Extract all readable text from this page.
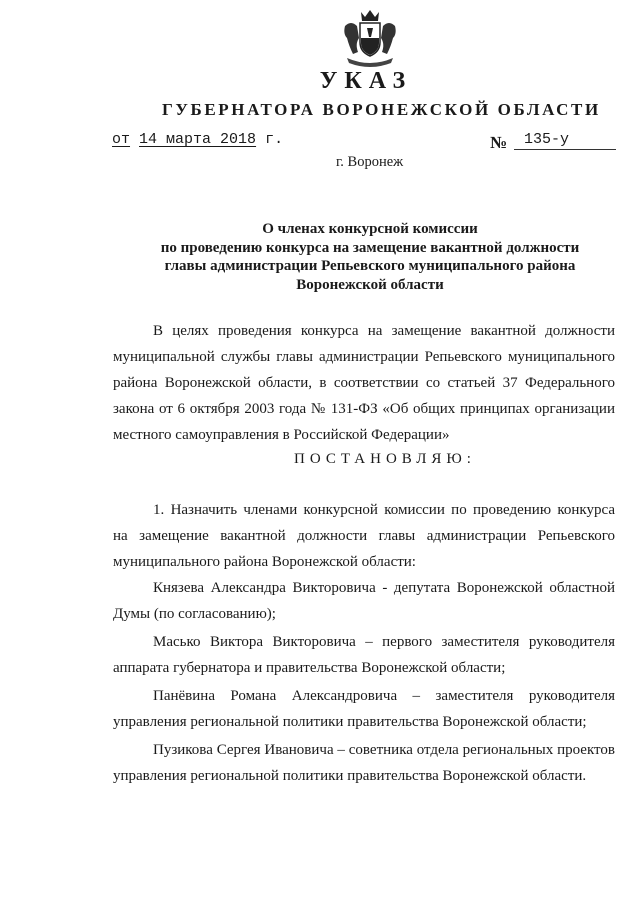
УКАЗ
ГУБЕРНАТОРА ВОРОНЕЖСКОЙ ОБЛАСТИ
от 14 марта 2018 г.	№	135-у
г. Воронеж
О членах конкурсной комиссии
по проведению конкурса на замещение вакантной должности
главы администрации Репьевского муниципального района
Воронежской области

В целях проведения конкурса на замещение вакантной должности муниципальной службы главы администрации Репьевского муниципального района Воронежской области, в соответствии со статьей 37 Федерального закона от 6 октября 2003 года № 131-ФЗ «Об общих принципах организации местного самоуправления в Российской Федерации»

ПОСТАНОВЛЯЮ:

1. Назначить членами конкурсной комиссии по проведению конкурса на замещение вакантной должности главы администрации Репьевского муниципального района Воронежской области:

Князева Александра Викторовича - депутата Воронежской областной Думы (по согласованию);

Масько Виктора Викторовича – первого заместителя руководителя аппарата губернатора и правительства Воронежской области;

Панёвина Романа Александровича – заместителя руководителя управления региональной политики правительства Воронежской области;

Пузикова Сергея Ивановича – советника отдела региональных проектов управления региональной политики правительства Воронежской области.
